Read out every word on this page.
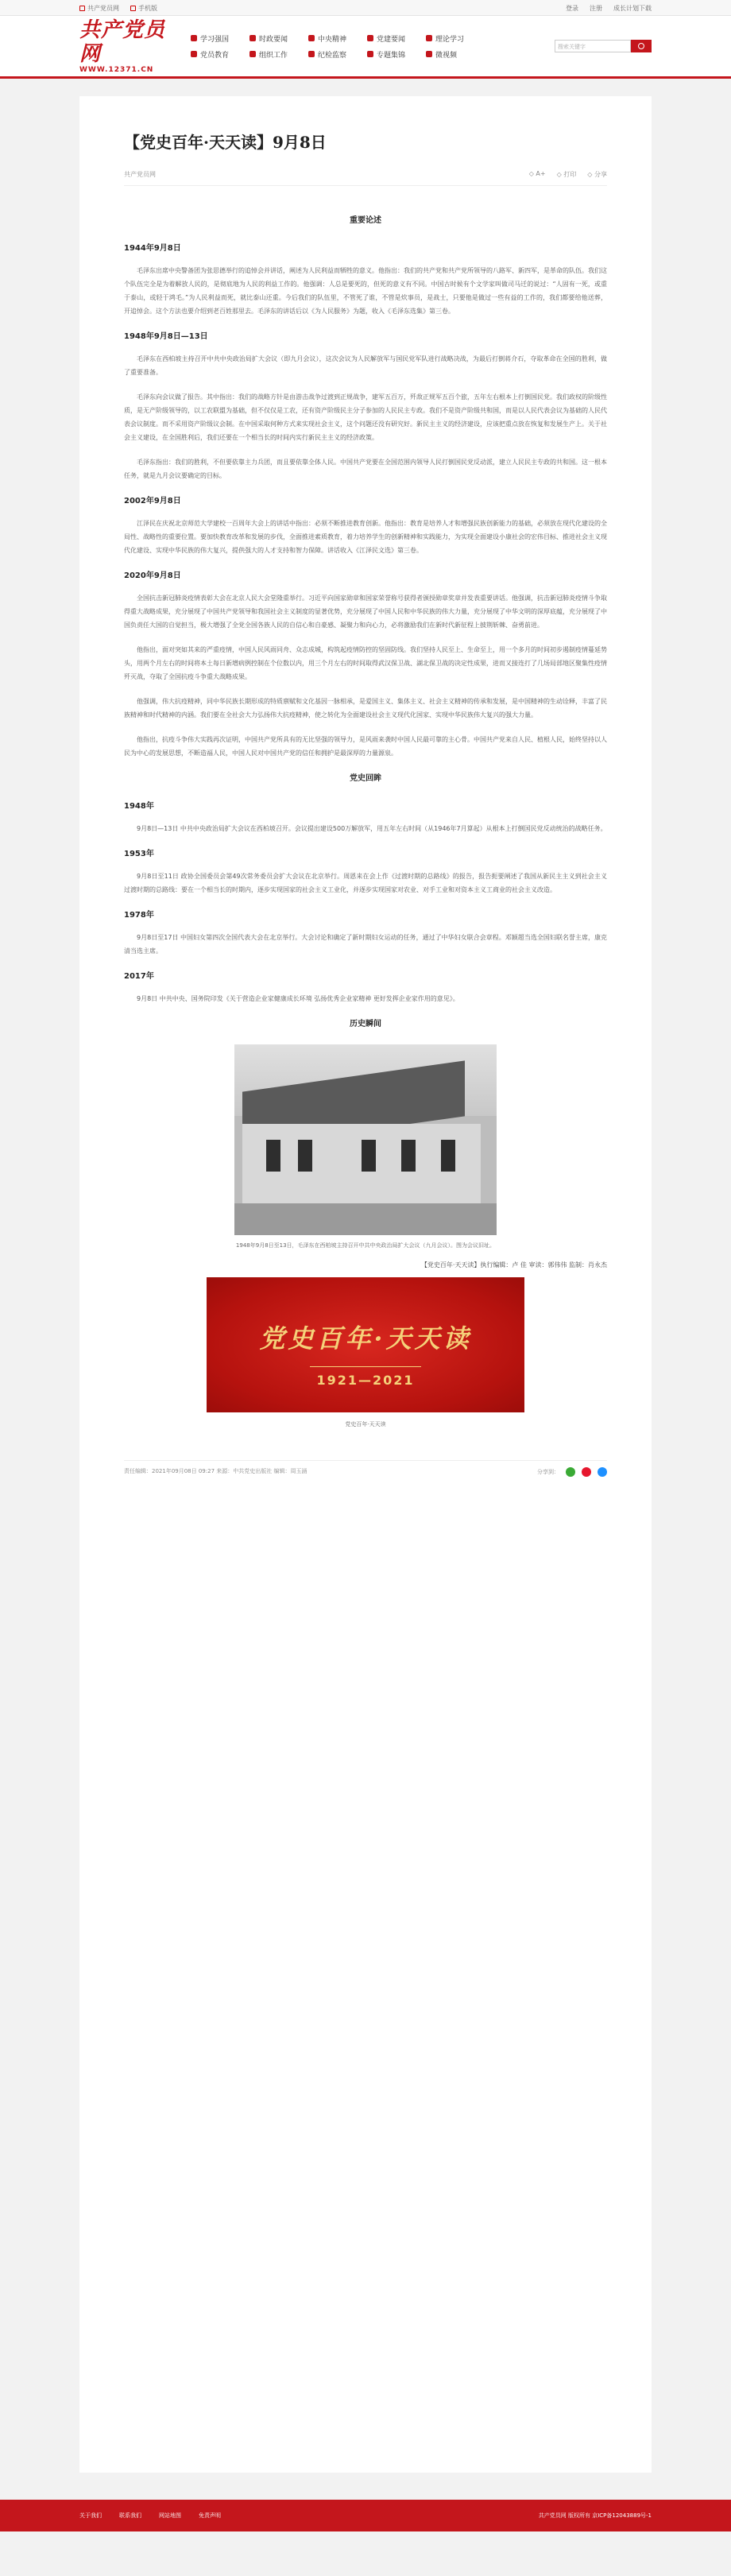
共产党员网	手机版	登录 注册 成长计划下载
共产党员网
WWW.12371.CN
学习强国	时政要闻	中央精神	党建要闻	理论学习
党员教育	组织工作	纪检监察	专题集锦	微视频
搜索关键字
【党史百年·天天读】9月8日
共产党员网	◇ A+	◇ 打印	◇ 分享
重要论述
1944年9月8日

毛泽东出席中央警备团为张思德举行的追悼会并讲话，阐述为人民利益而牺牲的意义。他指出：我们的共产党和共产党所领导的八路军、新四军，是革命的队伍。我们这个队伍完全是为着解放人民的，是彻底地为人民的利益工作的。他强调：人总是要死的，但死的意义有不同。中国古时候有个文学家叫做司马迁的说过：“人固有一死，或重于泰山，或轻于鸿毛。”为人民利益而死，就比泰山还重。今后我们的队伍里，不管死了谁，不管是炊事员，是战士，只要他是做过一些有益的工作的，我们都要给他送葬，开追悼会。这个方法也要介绍到老百姓那里去。毛泽东的讲话后以《为人民服务》为题，收入《毛泽东选集》第三卷。

1948年9月8日—13日

毛泽东在西柏坡主持召开中共中央政治局扩大会议（即九月会议），这次会议为人民解放军与国民党军队进行战略决战，为最后打倒蒋介石，夺取革命在全国的胜利，做了重要准备。

毛泽东向会议做了报告。其中指出：我们的战略方针是由游击战争过渡到正规战争，建军五百万，歼敌正规军五百个旅，五年左右根本上打倒国民党。我们政权的阶级性质，是无产阶级领导的，以工农联盟为基础，但不仅仅是工农，还有资产阶级民主分子参加的人民民主专政。我们不是资产阶级共和国，而是以人民代表会议为基础的人民代表会议制度。而不采用资产阶级议会制。在中国采取何种方式来实现社会主义，这个问题还没有研究好。新民主主义的经济建设，应该把重点放在恢复和发展生产上。关于社会主义建设，在全国胜利后，我们还要在一个相当长的时间内实行新民主主义的经济政策。

毛泽东指出：我们的胜利，不但要依靠主力兵团，而且要依靠全体人民。中国共产党要在全国范围内领导人民打倒国民党反动派，建立人民民主专政的共和国。这一根本任务，就是九月会议要确定的目标。

2002年9月8日

江泽民在庆祝北京师范大学建校一百周年大会上的讲话中指出：必须不断推进教育创新。他指出：教育是培养人才和增强民族创新能力的基础，必须放在现代化建设的全局性、战略性的重要位置。要加快教育改革和发展的步伐，全面推进素质教育，着力培养学生的创新精神和实践能力，为实现全面建设小康社会的宏伟目标、推进社会主义现代化建设、实现中华民族的伟大复兴，提供强大的人才支持和智力保障。讲话收入《江泽民文选》第三卷。

2020年9月8日

全国抗击新冠肺炎疫情表彰大会在北京人民大会堂隆重举行。习近平向国家勋章和国家荣誉称号获得者颁授勋章奖章并发表重要讲话。他强调，抗击新冠肺炎疫情斗争取得重大战略成果，充分展现了中国共产党领导和我国社会主义制度的显著优势，充分展现了中国人民和中华民族的伟大力量，充分展现了中华文明的深厚底蕴，充分展现了中国负责任大国的自觉担当，极大增强了全党全国各族人民的自信心和自豪感、凝聚力和向心力，必将激励我们在新时代新征程上披荆斩棘、奋勇前进。

他指出，面对突如其来的严重疫情，中国人民风雨同舟、众志成城，构筑起疫情防控的坚固防线。我们坚持人民至上、生命至上，用一个多月的时间初步遏制疫情蔓延势头，用两个月左右的时间将本土每日新增病例控制在个位数以内，用三个月左右的时间取得武汉保卫战、湖北保卫战的决定性成果，进而又接连打了几场局部地区聚集性疫情歼灭战，夺取了全国抗疫斗争重大战略成果。

他强调，伟大抗疫精神，同中华民族长期形成的特质禀赋和文化基因一脉相承，是爱国主义、集体主义、社会主义精神的传承和发展，是中国精神的生动诠释，丰富了民族精神和时代精神的内涵。我们要在全社会大力弘扬伟大抗疫精神，使之转化为全面建设社会主义现代化国家、实现中华民族伟大复兴的强大力量。

他指出，抗疫斗争伟大实践再次证明，中国共产党所具有的无比坚强的领导力，是风雨来袭时中国人民最可靠的主心骨。中国共产党来自人民、植根人民，始终坚持以人民为中心的发展思想，不断造福人民，中国人民对中国共产党的信任和拥护是最深厚的力量源泉。

党史回眸
1948年

9月8日—13日 中共中央政治局扩大会议在西柏坡召开。会议提出建设500万解放军，用五年左右时间（从1946年7月算起）从根本上打倒国民党反动统治的战略任务。

1953年

9月8日至11日 政协全国委员会第49次常务委员会扩大会议在北京举行。周恩来在会上作《过渡时期的总路线》的报告，报告扼要阐述了我国从新民主主义到社会主义过渡时期的总路线：要在一个相当长的时期内，逐步实现国家的社会主义工业化，并逐步实现国家对农业、对手工业和对资本主义工商业的社会主义改造。

1978年

9月8日至17日 中国妇女第四次全国代表大会在北京举行。大会讨论和确定了新时期妇女运动的任务，通过了中华妇女联合会章程。邓颖超当选全国妇联名誉主席，康克清当选主席。

2017年

9月8日 中共中央、国务院印发《关于营造企业家健康成长环境 弘扬优秀企业家精神 更好发挥企业家作用的意见》。

历史瞬间
1948年9月8日至13日，毛泽东在西柏坡主持召开中共中央政治局扩大会议（九月会议）。图为会议旧址。
【党史百年·天天读】执行编辑：卢 佳 审读：郭伟伟 监制：肖永杰
党史百年·天天读
1921—2021
党史百年·天天读
责任编辑：2021年09月08日 09:27 来源：中共党史出版社 编辑：周玉涵	分享到：
关于我们	联系我们	网站地图	免责声明	共产党员网 版权所有 京ICP备12043889号-1
